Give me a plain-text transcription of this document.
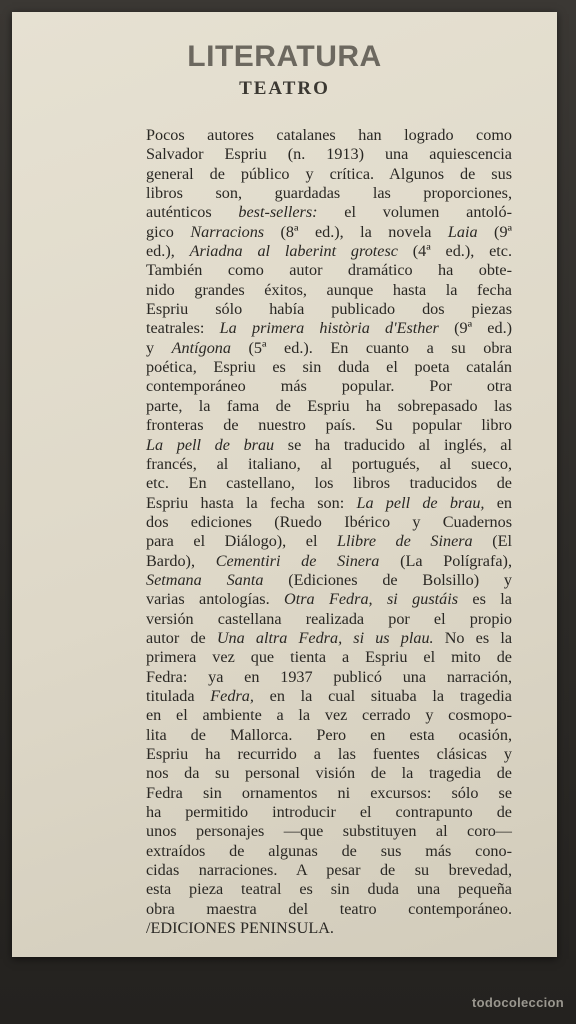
LITERATURA
TEATRO
Pocos autores catalanes han logrado como
Salvador Espriu (n. 1913) una aquiescencia
general de público y crítica. Algunos de sus
libros son, guardadas las proporciones,
auténticos best-sellers: el volumen antoló-
gico Narracions (8ª ed.), la novela Laia (9ª
ed.), Ariadna al laberint grotesc (4ª ed.), etc.
También como autor dramático ha obte-
nido grandes éxitos, aunque hasta la fecha
Espriu sólo había publicado dos piezas
teatrales: La primera història d'Esther (9ª ed.)
y Antígona (5ª ed.). En cuanto a su obra
poética, Espriu es sin duda el poeta catalán
contemporáneo más popular. Por otra
parte, la fama de Espriu ha sobrepasado las
fronteras de nuestro país. Su popular libro
La pell de brau se ha traducido al inglés, al
francés, al italiano, al portugués, al sueco,
etc. En castellano, los libros traducidos de
Espriu hasta la fecha son: La pell de brau, en
dos ediciones (Ruedo Ibérico y Cuadernos
para el Diálogo), el Llibre de Sinera (El
Bardo), Cementiri de Sinera (La Polígrafa),
Setmana Santa (Ediciones de Bolsillo) y
varias antologías. Otra Fedra, si gustáis es la
versión castellana realizada por el propio
autor de Una altra Fedra, si us plau. No es la
primera vez que tienta a Espriu el mito de
Fedra: ya en 1937 publicó una narración,
titulada Fedra, en la cual situaba la tragedia
en el ambiente a la vez cerrado y cosmopo-
lita de Mallorca. Pero en esta ocasión,
Espriu ha recurrido a las fuentes clásicas y
nos da su personal visión de la tragedia de
Fedra sin ornamentos ni excursos: sólo se
ha permitido introducir el contrapunto de
unos personajes —que substituyen al coro—
extraídos de algunas de sus más cono-
cidas narraciones. A pesar de su brevedad,
esta pieza teatral es sin duda una pequeña
obra maestra del teatro contemporáneo.
/EDICIONES PENINSULA.
todocoleccion
